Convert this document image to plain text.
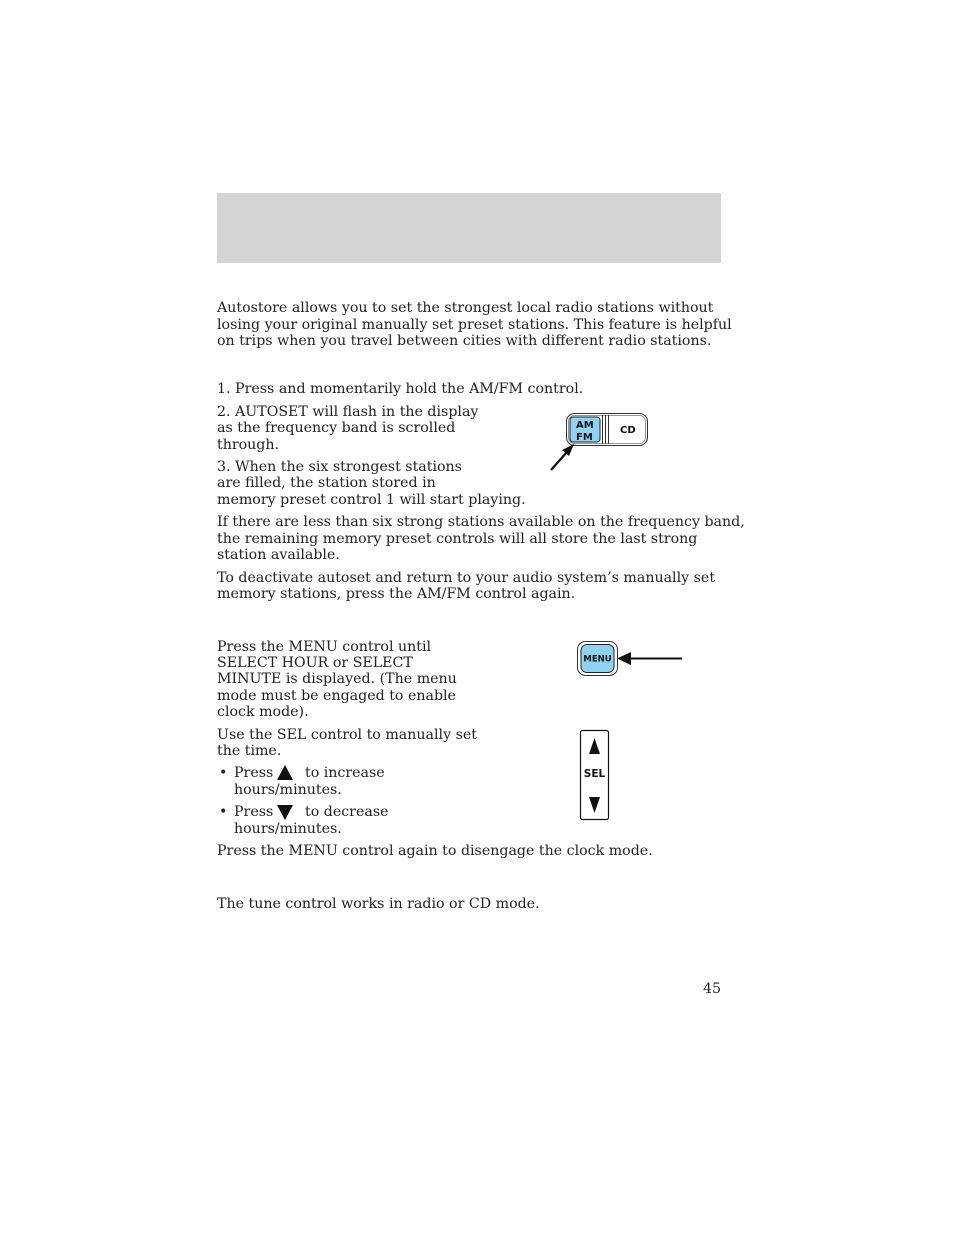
Autostore allows you to set the strongest local radio stations without

losing your original manually set preset stations. This feature is helpful

on trips when you travel between cities with different radio stations.

1. Press and momentarily hold the AM/FM control.

2. AUTOSET will flash in the display

as the frequency band is scrolled

through.

3. When the six strongest stations

are filled, the station stored in

memory preset control 1 will start playing.

AM
FM
CD

If there are less than six strong stations available on the frequency band,

the remaining memory preset controls will all store the last strong

station available.

To deactivate autoset and return to your audio system’s manually set

memory stations, press the AM/FM control again.

Press the MENU control until

SELECT HOUR or SELECT

MINUTE is displayed. (The menu

mode must be engaged to enable

clock mode).

MENU

Use the SEL control to manually set

the time.

• Press to increase

hours/minutes.

• Press to decrease

hours/minutes.

SEL

Press the MENU control again to disengage the clock mode.

The tune control works in radio or CD mode.

45
